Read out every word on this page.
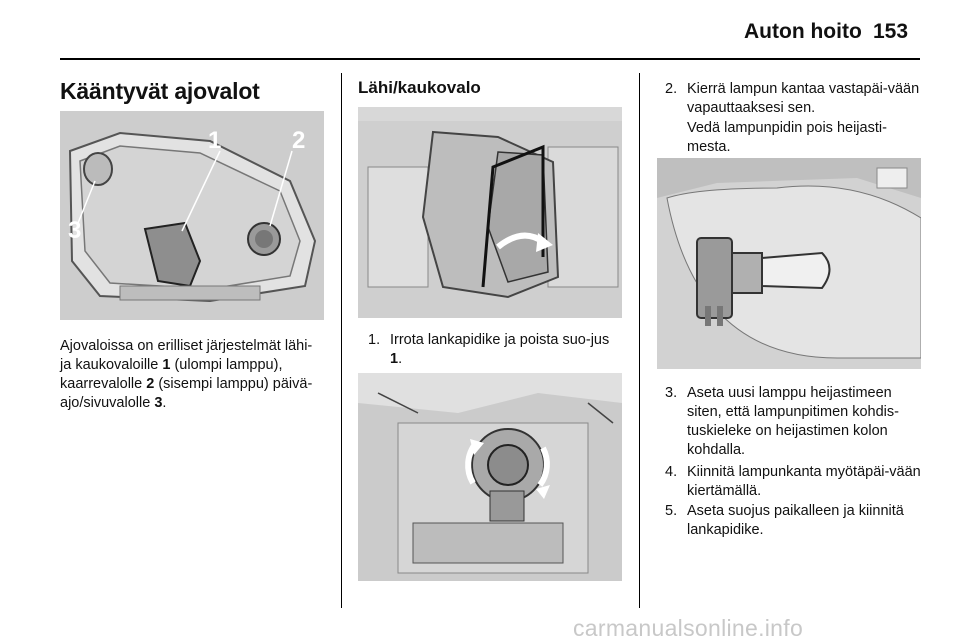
Auton hoito 153
Kääntyvät ajovalot
1	2
3

Ajovaloissa on erilliset järjestelmät lähi- ja kaukovaloille 1 (ulompi lamppu), kaarrevalolle 2 (sisempi lamppu) päivä-ajo/sivuvalolle 3.

Lähi/kaukovalo
1. Irrota lankapidike ja poista suo-jus 1.
2. Kierrä lampun kantaa vastapäi-vään vapauttaaksesi sen.
Vedä lampunpidin pois heijasti-mesta.
3. Aseta uusi lamppu heijastimeen siten, että lampunpitimen kohdis-tuskieleke on heijastimen kolon kohdalla.
4. Kiinnitä lampunkanta myötäpäi-vään kiertämällä.
5. Aseta suojus paikalleen ja kiinnitä lankapidike.
carmanualsonline.info
